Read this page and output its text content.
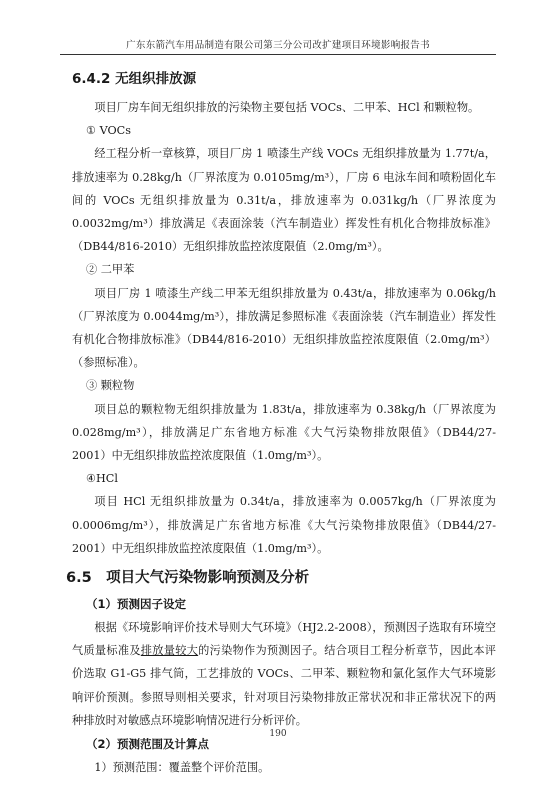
广东东箭汽车用品制造有限公司第三分公司改扩建项目环境影响报告书
6.4.2 无组织排放源

项目厂房车间无组织排放的污染物主要包括 VOCs、二甲苯、HCl 和颗粒物。

① VOCs

经工程分析一章核算，项目厂房 1 喷漆生产线 VOCs 无组织排放量为 1.77t/a，排放速率为 0.28kg/h（厂界浓度为 0.0105mg/m³），厂房 6 电泳车间和喷粉固化车间的 VOCs 无组织排放量为 0.31t/a，排放速率为 0.031kg/h（厂界浓度为 0.0032mg/m³）排放满足《表面涂装（汽车制造业）挥发性有机化合物排放标准》（DB44/816-2010）无组织排放监控浓度限值（2.0mg/m³）。

② 二甲苯

项目厂房 1 喷漆生产线二甲苯无组织排放量为 0.43t/a，排放速率为 0.06kg/h（厂界浓度为 0.0044mg/m³），排放满足参照标准《表面涂装（汽车制造业）挥发性有机化合物排放标准》（DB44/816-2010）无组织排放监控浓度限值（2.0mg/m³）（参照标准）。

③ 颗粒物

项目总的颗粒物无组织排放量为 1.83t/a，排放速率为 0.38kg/h（厂界浓度为 0.028mg/m³），排放满足广东省地方标准《大气污染物排放限值》（DB44/27-2001）中无组织排放监控浓度限值（1.0mg/m³）。

④HCl

项目 HCl 无组织排放量为 0.34t/a，排放速率为 0.0057kg/h（厂界浓度为 0.0006mg/m³），排放满足广东省地方标准《大气污染物排放限值》（DB44/27-2001）中无组织排放监控浓度限值（1.0mg/m³）。

6.5　项目大气污染物影响预测及分析
（1）预测因子设定

根据《环境影响评价技术导则大气环境》（HJ2.2-2008），预测因子选取有环境空气质量标准及排放量较大的污染物作为预测因子。结合项目工程分析章节，因此本评价选取 G1-G5 排气筒，工艺排放的 VOCs、二甲苯、颗粒物和氯化氢作大气环境影响评价预测。参照导则相关要求，针对项目污染物排放正常状况和非正常状况下的两种排放时对敏感点环境影响情况进行分析评价。

（2）预测范围及计算点

1）预测范围：覆盖整个评价范围。

190
